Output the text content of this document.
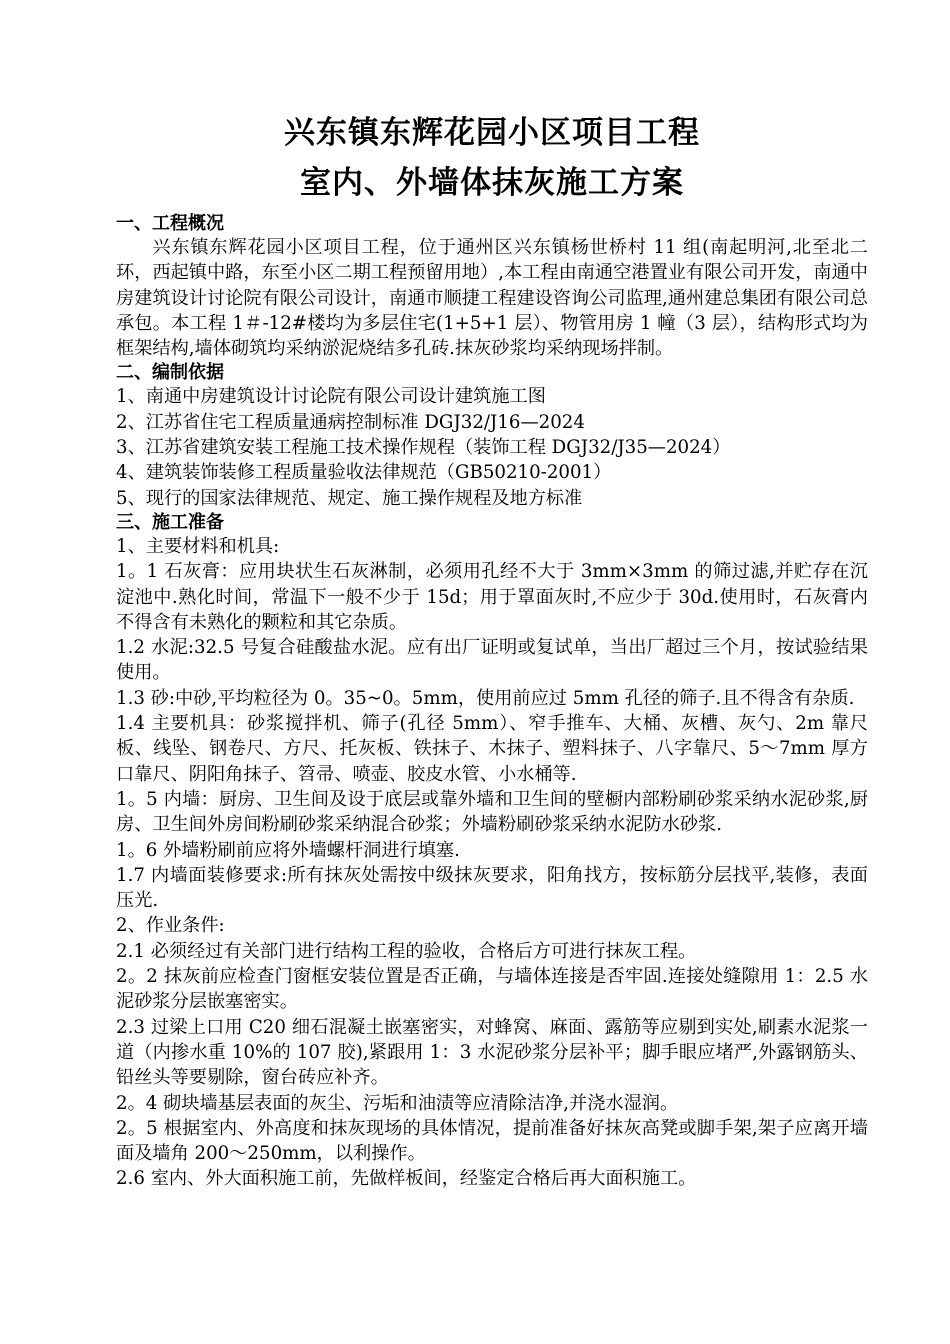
兴东镇东辉花园小区项目工程
室内、外墙体抹灰施工方案
一、工程概况

兴东镇东辉花园小区项目工程，位于通州区兴东镇杨世桥村 11 组(南起明河,北至北二环，西起镇中路，东至小区二期工程预留用地）,本工程由南通空港置业有限公司开发，南通中房建筑设计讨论院有限公司设计，南通市顺捷工程建设咨询公司监理,通州建总集团有限公司总承包。本工程 1＃-12#楼均为多层住宅(1+5+1 层）、物管用房 1 幢（3 层），结构形式均为框架结构,墙体砌筑均采纳淤泥烧结多孔砖.抹灰砂浆均采纳现场拌制。

二、编制依据

1、南通中房建筑设计讨论院有限公司设计建筑施工图

2、江苏省住宅工程质量通病控制标准 DGJ32/J16—2024

3、江苏省建筑安装工程施工技术操作规程（装饰工程 DGJ32/J35—2024）

4、建筑装饰装修工程质量验收法律规范（GB50210-2001）

5、现行的国家法律规范、规定、施工操作规程及地方标准

三、施工准备

1、主要材料和机具:

1。1 石灰膏：应用块状生石灰淋制，必须用孔经不大于 3mm×3mm 的筛过滤,并贮存在沉淀池中.熟化时间，常温下一般不少于 15d；用于罩面灰时,不应少于 30d.使用时，石灰膏内不得含有未熟化的颗粒和其它杂质。

1.2 水泥:32.5 号复合硅酸盐水泥。应有出厂证明或复试单，当出厂超过三个月，按试验结果使用。

1.3 砂:中砂,平均粒径为 0。35~0。5mm，使用前应过 5mm 孔径的筛子.且不得含有杂质.

1.4 主要机具：砂浆搅拌机、筛子(孔径 5mm）、窄手推车、大桶、灰槽、灰勺、2m 靠尺板、线坠、钢卷尺、方尺、托灰板、铁抹子、木抹子、塑料抹子、八字靠尺、5～7mm 厚方口靠尺、阴阳角抹子、笤帚、喷壶、胶皮水管、小水桶等.

1。5 内墙：厨房、卫生间及设于底层或靠外墙和卫生间的壁橱内部粉刷砂浆采纳水泥砂浆,厨房、卫生间外房间粉刷砂浆采纳混合砂浆；外墙粉刷砂浆采纳水泥防水砂浆.

1。6 外墙粉刷前应将外墙螺杆洞进行填塞.

1.7 内墙面装修要求:所有抹灰处需按中级抹灰要求，阳角找方，按标筋分层找平,装修，表面压光.

2、作业条件:

2.1 必须经过有关部门进行结构工程的验收，合格后方可进行抹灰工程。

2。2 抹灰前应检查门窗框安装位置是否正确，与墙体连接是否牢固.连接处缝隙用 1：2.5 水泥砂浆分层嵌塞密实。

2.3 过梁上口用 C20 细石混凝土嵌塞密实，对蜂窝、麻面、露筋等应剔到实处,刷素水泥浆一道（内掺水重 10%的 107 胶),紧跟用 1：3 水泥砂浆分层补平；脚手眼应堵严,外露钢筋头、铅丝头等要剔除，窗台砖应补齐。

2。4 砌块墙基层表面的灰尘、污垢和油渍等应清除洁净,并浇水湿润。

2。5 根据室内、外高度和抹灰现场的具体情况，提前准备好抹灰高凳或脚手架,架子应离开墙面及墙角 200～250mm，以利操作。

2.6 室内、外大面积施工前，先做样板间，经鉴定合格后再大面积施工。
